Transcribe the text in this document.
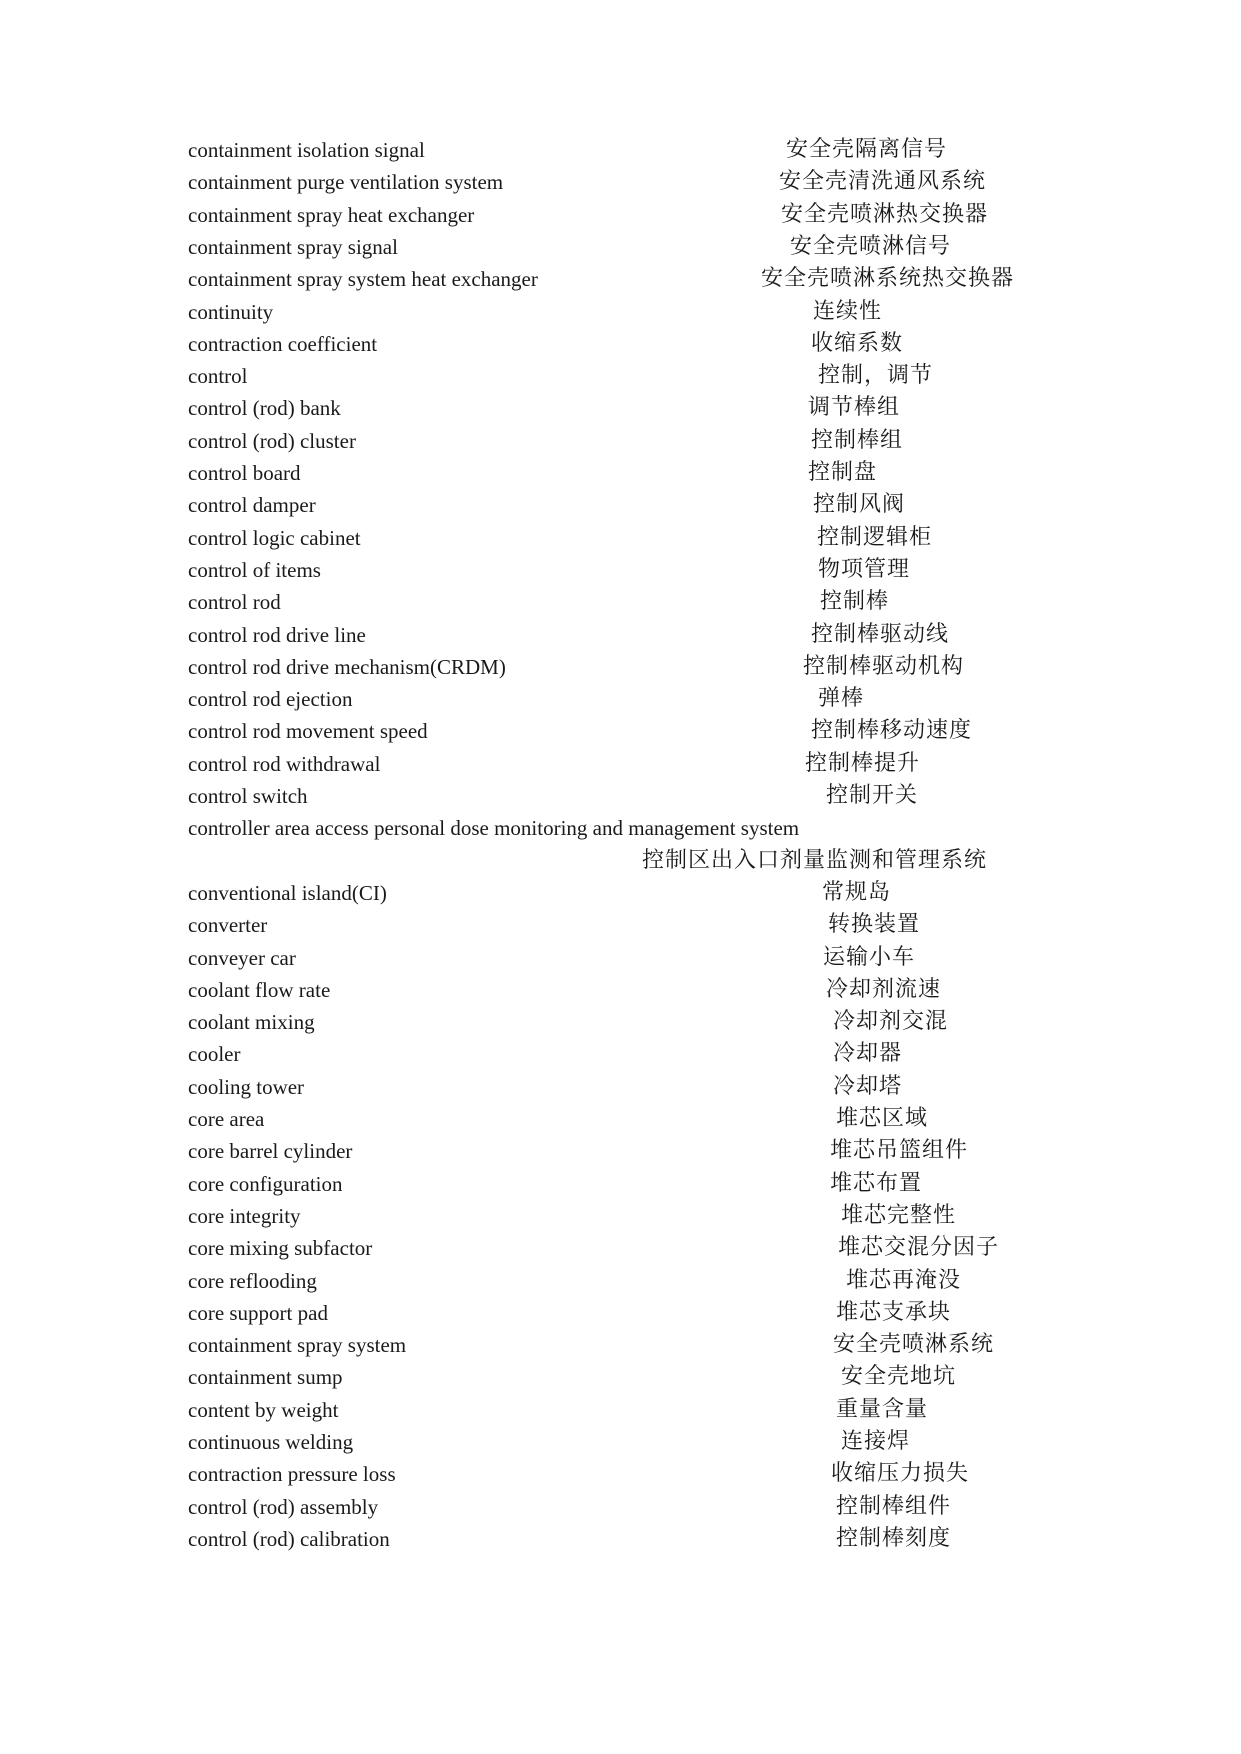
containment isolation signal	安全壳隔离信号
containment purge ventilation system	安全壳清洗通风系统
containment spray heat exchanger	安全壳喷淋热交换器
containment spray signal	安全壳喷淋信号
containment spray system heat exchanger	安全壳喷淋系统热交换器
continuity	连续性
contraction coefficient	收缩系数
control	控制，调节
control (rod) bank	调节棒组
control (rod) cluster	控制棒组
control board	控制盘
control damper	控制风阀
control logic cabinet	控制逻辑柜
control of items	物项管理
control rod	控制棒
control rod drive line	控制棒驱动线
control rod drive mechanism(CRDM)	控制棒驱动机构
control rod ejection	弹棒
control rod movement speed	控制棒移动速度
control rod withdrawal	控制棒提升
control switch	控制开关
controller area access personal dose monitoring and management system
控制区出入口剂量监测和管理系统
conventional island(CI)	常规岛
converter	转换装置
conveyer car	运输小车
coolant flow rate	冷却剂流速
coolant mixing	冷却剂交混
cooler	冷却器
cooling tower	冷却塔
core area	堆芯区域
core barrel cylinder	堆芯吊篮组件
core configuration	堆芯布置
core integrity	堆芯完整性
core mixing subfactor	堆芯交混分因子
core reflooding	堆芯再淹没
core support pad	堆芯支承块
containment spray system	安全壳喷淋系统
containment sump	安全壳地坑
content by weight	重量含量
continuous welding	连接焊
contraction pressure loss	收缩压力损失
control (rod) assembly	控制棒组件
control (rod) calibration	控制棒刻度
